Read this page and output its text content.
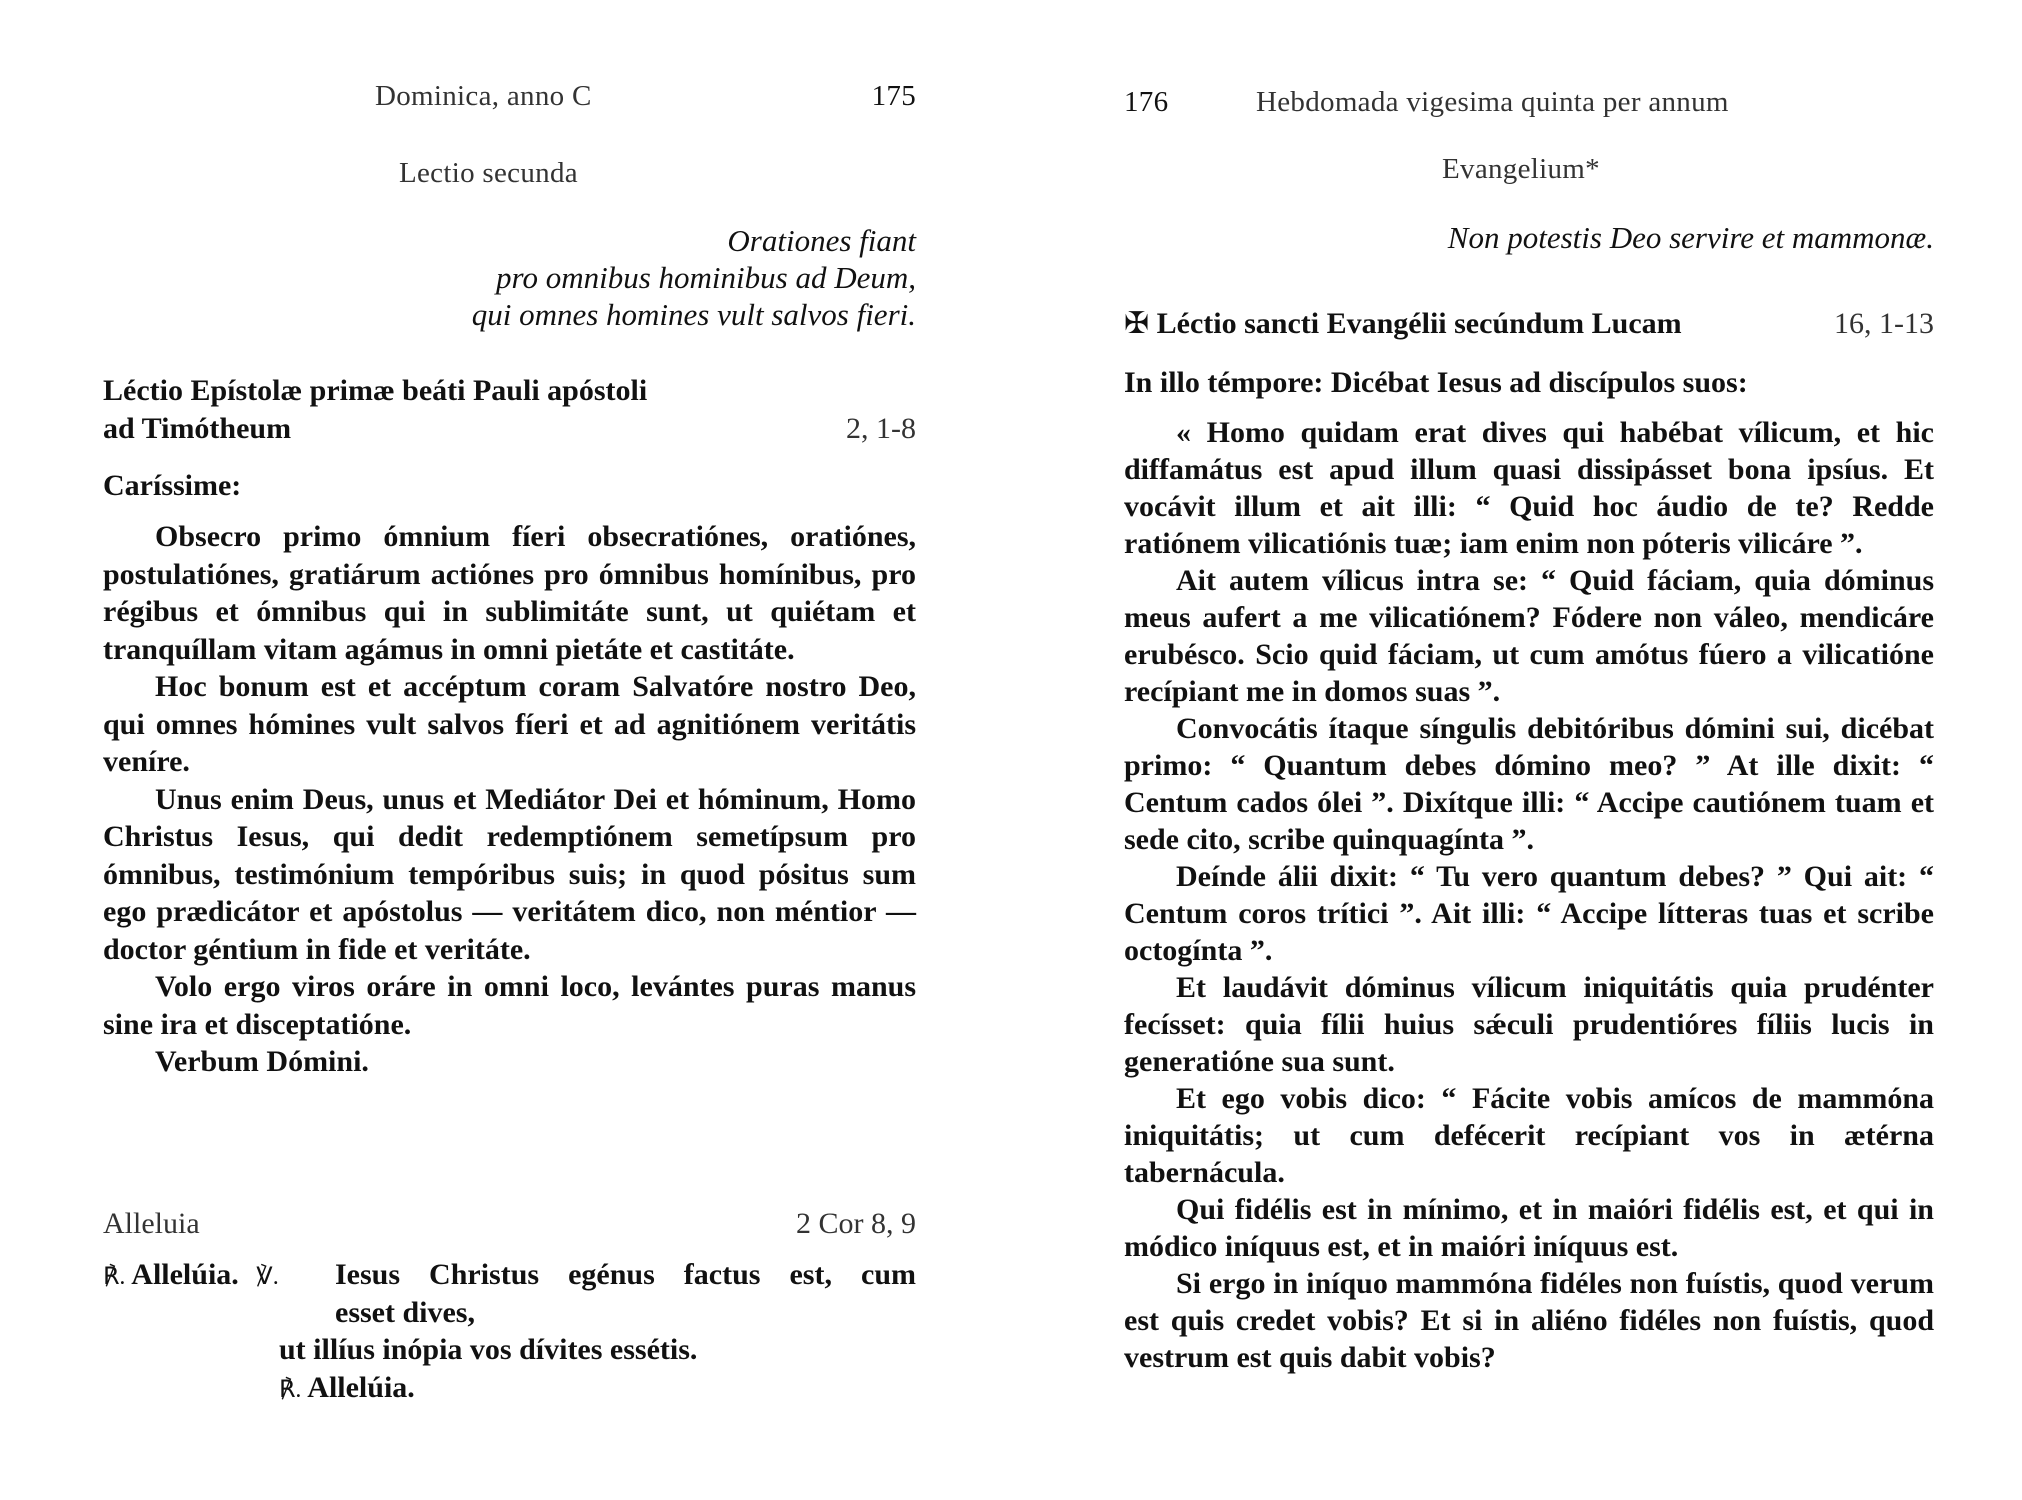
Dominica, anno C	175
Lectio secunda
Orationes fiant
pro omnibus hominibus ad Deum,
qui omnes homines vult salvos fieri.
Léctio Epístolæ primæ beáti Pauli apóstoli
ad Timótheum	2, 1-8
Caríssime:

Obsecro primo ómnium fíeri obsecratiónes, oratiónes, postulatiónes, gratiárum actiónes pro ómnibus homínibus, pro régibus et ómnibus qui in sublimitáte sunt, ut quiétam et tranquíllam vitam agámus in omni pietáte et castitáte.

Hoc bonum est et accéptum coram Salvatóre nostro Deo, qui omnes hómines vult salvos fíeri et ad agnitiónem veritátis veníre.

Unus enim Deus, unus et Mediátor Dei et hóminum, Homo Christus Iesus, qui dedit redemptiónem semetípsum pro ómnibus, testimónium tempóribus suis; in quod pósitus sum ego prædicátor et apóstolus — veritátem dico, non méntior — doctor géntium in fide et veritáte.

Volo ergo viros oráre in omni loco, levántes puras manus sine ira et disceptatióne.

Verbum Dómini.

Alleluia	2 Cor 8, 9
℟. Allelúia. ℣. Iesus Christus egénus factus est, cum
esset dives,
ut illíus inópia vos dívites essétis.
℟. Allelúia.
176	Hebdomada vigesima quinta per annum
Evangelium*
Non potestis Deo servire et mammonæ.
✠ Léctio sancti Evangélii secúndum Lucam	16, 1-13
In illo témpore: Dicébat Iesus ad discípulos suos:

« Homo quidam erat dives qui habébat vílicum, et hic diffamátus est apud illum quasi dissipásset bona ipsíus. Et vocávit illum et ait illi: “ Quid hoc áudio de te? Redde ratiónem vilicatiónis tuæ; iam enim non póteris vilicáre ”.

Ait autem vílicus intra se: “ Quid fáciam, quia dóminus meus aufert a me vilicatiónem? Fódere non váleo, mendicáre erubésco. Scio quid fáciam, ut cum amótus fúero a vilicatióne recípiant me in domos suas ”.

Convocátis ítaque síngulis debitóribus dómini sui, dicébat primo: “ Quantum debes dómino meo? ” At ille dixit: “ Centum cados ólei ”. Dixítque illi: “ Accipe cautiónem tuam et sede cito, scribe quinquagínta ”.

Deínde álii dixit: “ Tu vero quantum debes? ” Qui ait: “ Centum coros trítici ”. Ait illi: “ Accipe lítteras tuas et scribe octogínta ”.

Et laudávit dóminus vílicum iniquitátis quia prudénter fecísset: quia fílii huius sǽculi prudentióres fíliis lucis in generatióne sua sunt.

Et ego vobis dico: “ Fácite vobis amícos de mammóna iniquitátis; ut cum defécerit recípiant vos in ætérna tabernácula.

Qui fidélis est in mínimo, et in maióri fidélis est, et qui in módico iníquus est, et in maióri iníquus est.

Si ergo in iníquo mammóna fidéles non fuístis, quod verum est quis credet vobis? Et si in aliéno fidéles non fuístis, quod vestrum est quis dabit vobis?
